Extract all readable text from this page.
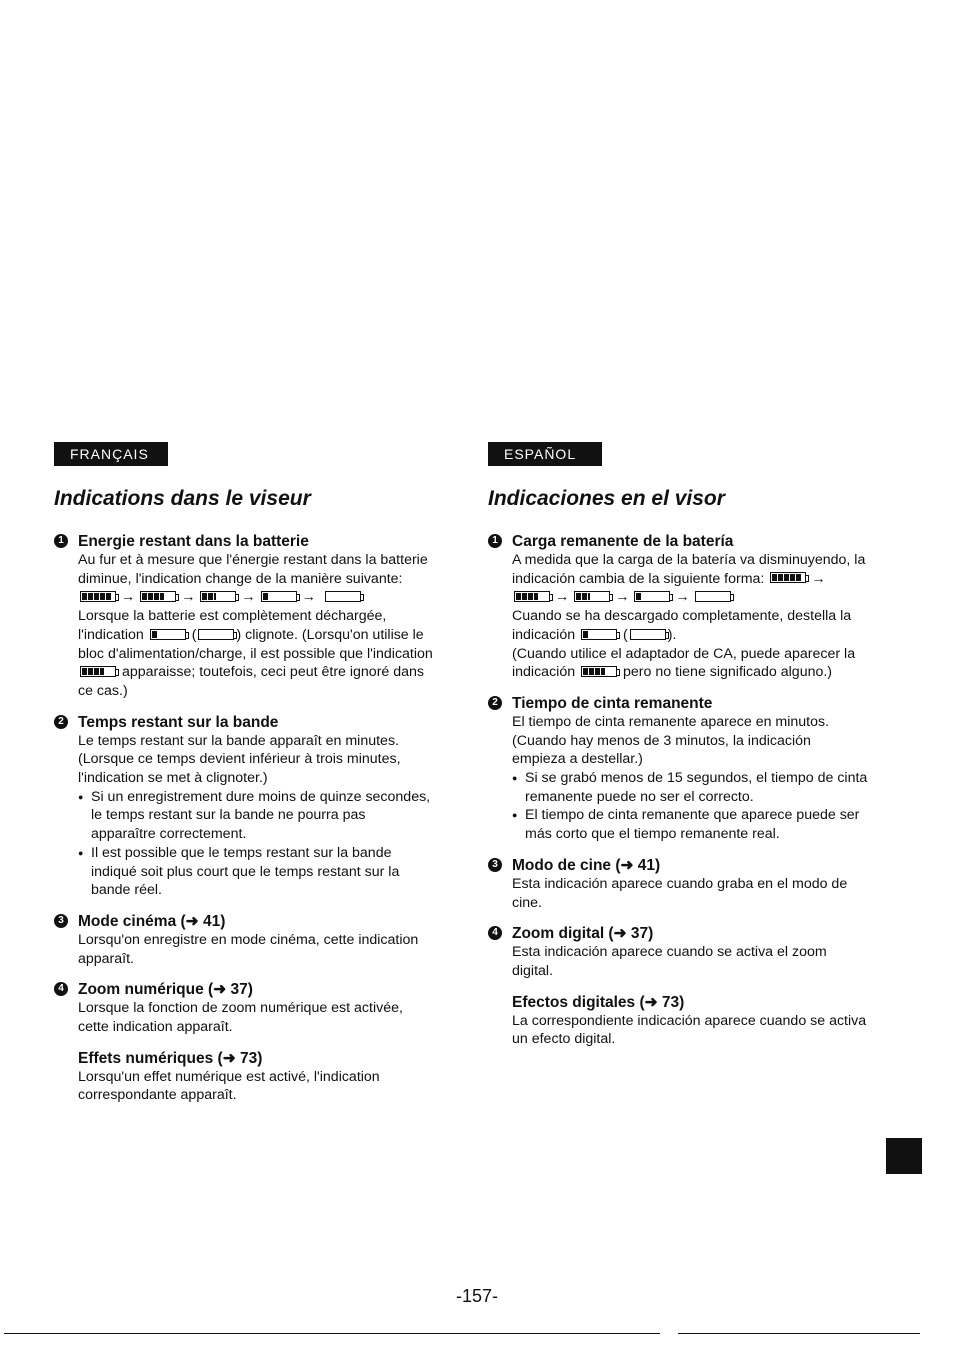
FRANÇAIS
Indications dans le viseur
1 Energie restant dans la batterie

Au fur et à mesure que l'énergie restant dans la batterie diminue, l'indication change de la manière suivante:
→	→	→	→

Lorsque la batterie est complètement déchargée, l'indication	(	) clignote. (Lorsqu'on utilise le bloc d'alimentation/charge, il est possible que l'indication
apparaisse; toutefois, ceci peut être ignoré dans ce cas.)

2 Temps restant sur la bande

Le temps restant sur la bande apparaît en minutes. (Lorsque ce temps devient inférieur à trois minutes, l'indication se met à clignoter.)

● Si un enregistrement dure moins de quinze secondes, le temps restant sur la bande ne pourra pas apparaître correctement.

● Il est possible que le temps restant sur la bande indiqué soit plus court que le temps restant sur la bande réel.

3 Mode cinéma (➜ 41)

Lorsqu'on enregistre en mode cinéma, cette indication apparaît.

4 Zoom numérique (➜ 37)

Lorsque la fonction de zoom numérique est activée, cette indication apparaît.

Effets numériques (➜ 73)

Lorsqu'un effet numérique est activé, l'indication correspondante apparaît.

ESPAÑOL
Indicaciones en el visor
1 Carga remanente de la batería

A medida que la carga de la batería va disminuyendo, la indicación cambia de la siguiente forma:	→
→	→	→

Cuando se ha descargado completamente, destella la indicación	(	).

(Cuando utilice el adaptador de CA, puede aparecer la indicación	pero no tiene significado alguno.)

2 Tiempo de cinta remanente

El tiempo de cinta remanente aparece en minutos. (Cuando hay menos de 3 minutos, la indicación empieza a destellar.)

● Si se grabó menos de 15 segundos, el tiempo de cinta remanente puede no ser el correcto.

● El tiempo de cinta remanente que aparece puede ser más corto que el tiempo remanente real.

3 Modo de cine (➜ 41)

Esta indicación aparece cuando graba en el modo de cine.

4 Zoom digital (➜ 37)

Esta indicación aparece cuando se activa el zoom digital.

Efectos digitales (➜ 73)

La correspondiente indicación aparece cuando se activa un efecto digital.

-157-
